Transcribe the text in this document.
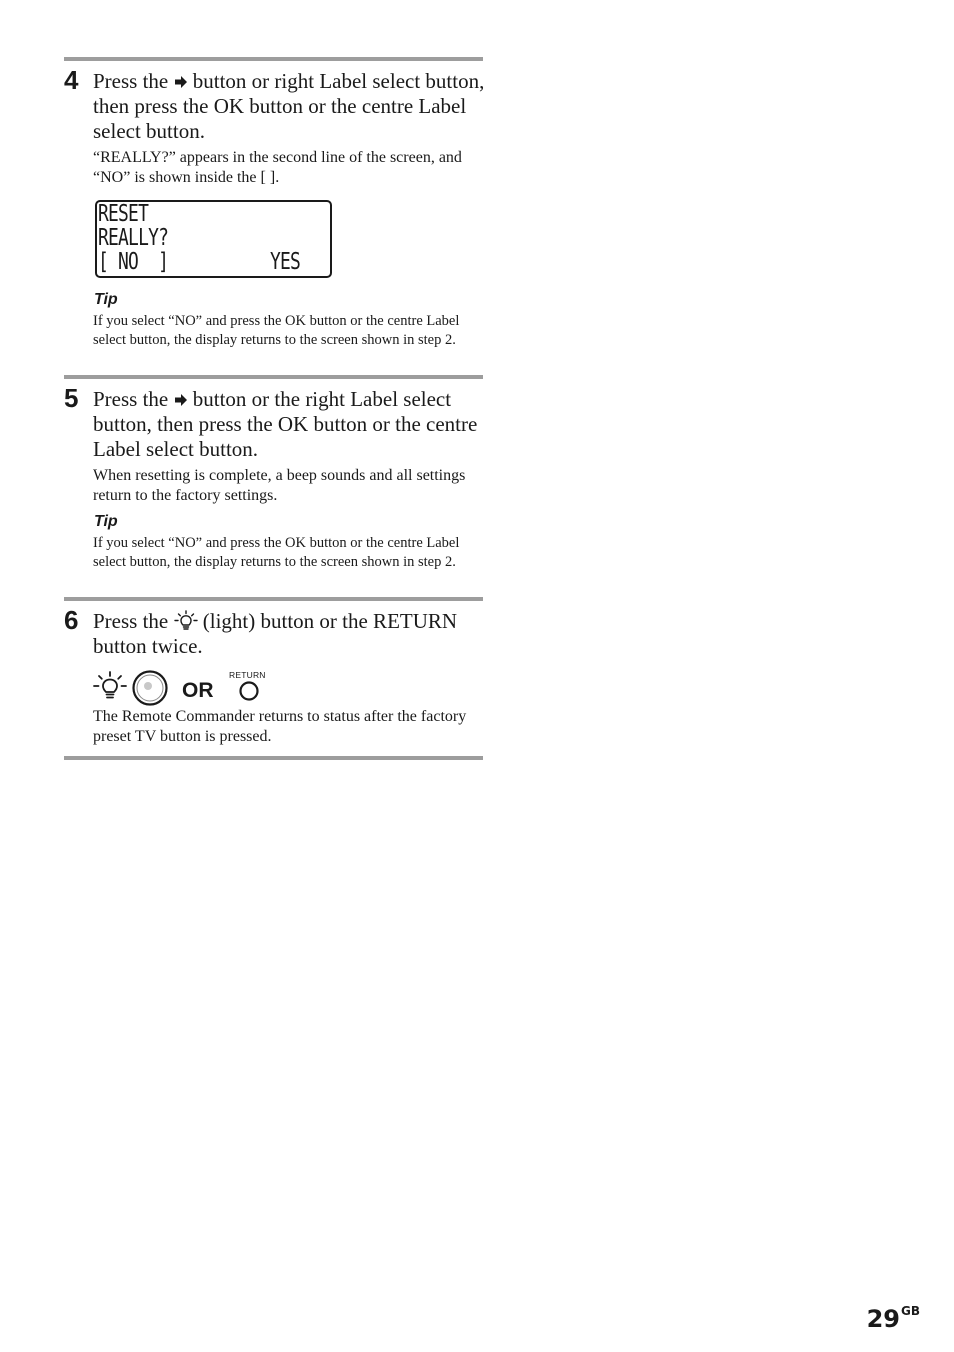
4 Press the button or right Label select button, then press the OK button or the centre Label select button.

“REALLY?” appears in the second line of the screen, and “NO” is shown inside the [ ].

RESET
REALLY?
[ NO  ]	YES
Tip

If you select “NO” and press the OK button or the centre Label select button, the display returns to the screen shown in step 2.

5 Press the button or the right Label select button, then press the OK button or the centre Label select button.

When resetting is complete, a beep sounds and all settings return to the factory settings.

Tip

If you select “NO” and press the OK button or the centre Label select button, the display returns to the screen shown in step 2.

6 Press the (light) button or the RETURN button twice.

OR
RETURN

The Remote Commander returns to status after the factory preset TV button is pressed.

$29^{GB}$
